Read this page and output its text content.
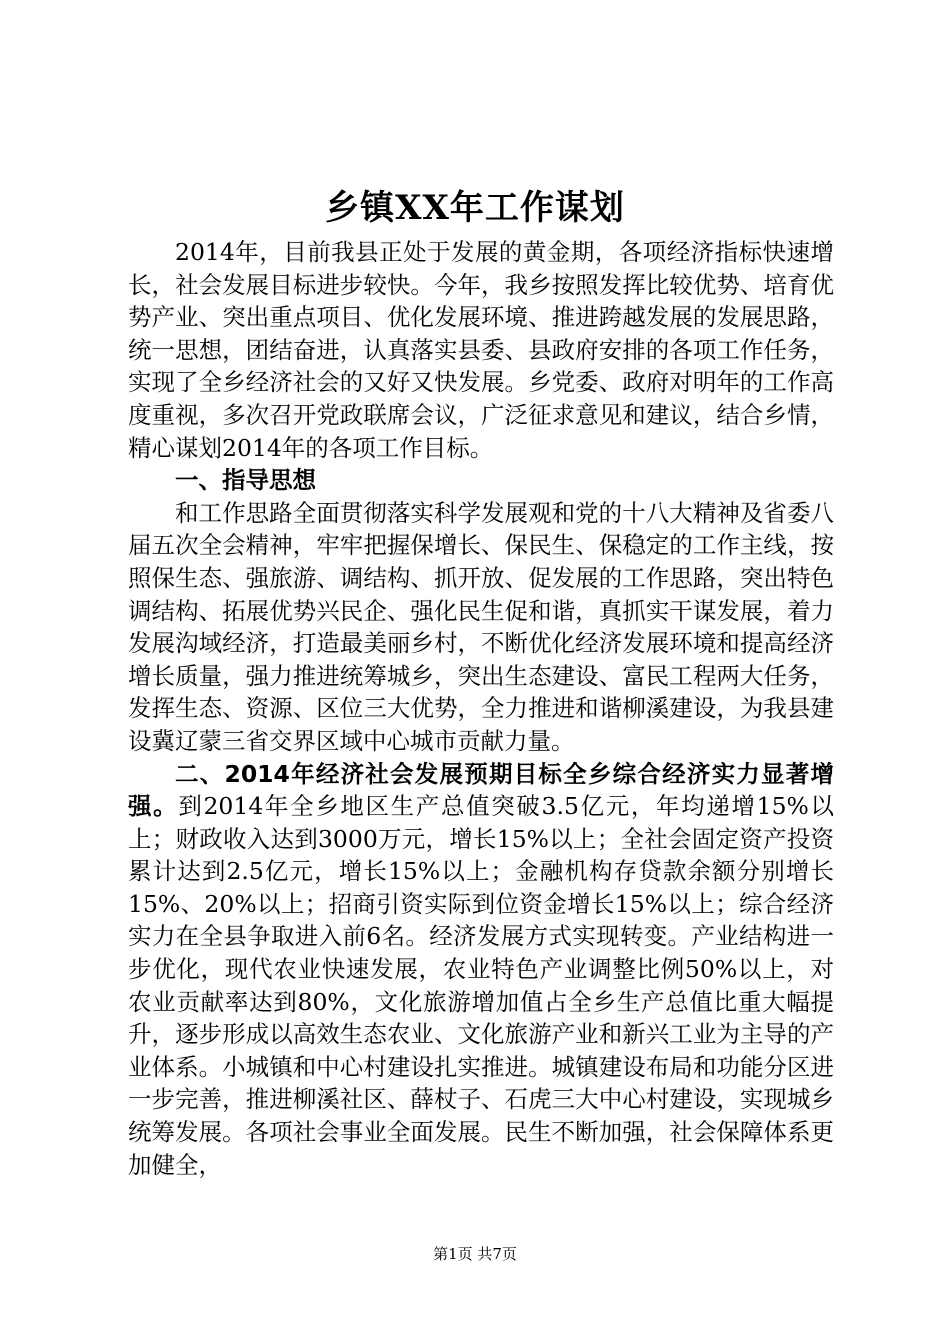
乡镇XX年工作谋划

2014年，目前我县正处于发展的黄金期，各项经济指标快速增长，社会发展目标进步较快。今年，我乡按照发挥比较优势、培育优势产业、突出重点项目、优化发展环境、推进跨越发展的发展思路，统一思想，团结奋进，认真落实县委、县政府安排的各项工作任务，实现了全乡经济社会的又好又快发展。乡党委、政府对明年的工作高度重视，多次召开党政联席会议，广泛征求意见和建议，结合乡情，精心谋划2014年的各项工作目标。

一、指导思想

和工作思路全面贯彻落实科学发展观和党的十八大精神及省委八届五次全会精神，牢牢把握保增长、保民生、保稳定的工作主线，按照保生态、强旅游、调结构、抓开放、促发展的工作思路，突出特色调结构、拓展优势兴民企、强化民生促和谐，真抓实干谋发展，着力发展沟域经济，打造最美丽乡村，不断优化经济发展环境和提高经济增长质量，强力推进统筹城乡，突出生态建设、富民工程两大任务，发挥生态、资源、区位三大优势，全力推进和谐柳溪建设，为我县建设冀辽蒙三省交界区域中心城市贡献力量。

二、2014年经济社会发展预期目标全乡综合经济实力显著增强。到2014年全乡地区生产总值突破3.5亿元，年均递增15%以上；财政收入达到3000万元，增长15%以上；全社会固定资产投资累计达到2.5亿元，增长15%以上；金融机构存贷款余额分别增长15%、20%以上；招商引资实际到位资金增长15%以上；综合经济实力在全县争取进入前6名。经济发展方式实现转变。产业结构进一步优化，现代农业快速发展，农业特色产业调整比例50%以上，对农业贡献率达到80%，文化旅游增加值占全乡生产总值比重大幅提升，逐步形成以高效生态农业、文化旅游产业和新兴工业为主导的产业体系。小城镇和中心村建设扎实推进。城镇建设布局和功能分区进一步完善，推进柳溪社区、薛杖子、石虎三大中心村建设，实现城乡统筹发展。各项社会事业全面发展。民生不断加强，社会保障体系更加健全，

第1页 共7页
